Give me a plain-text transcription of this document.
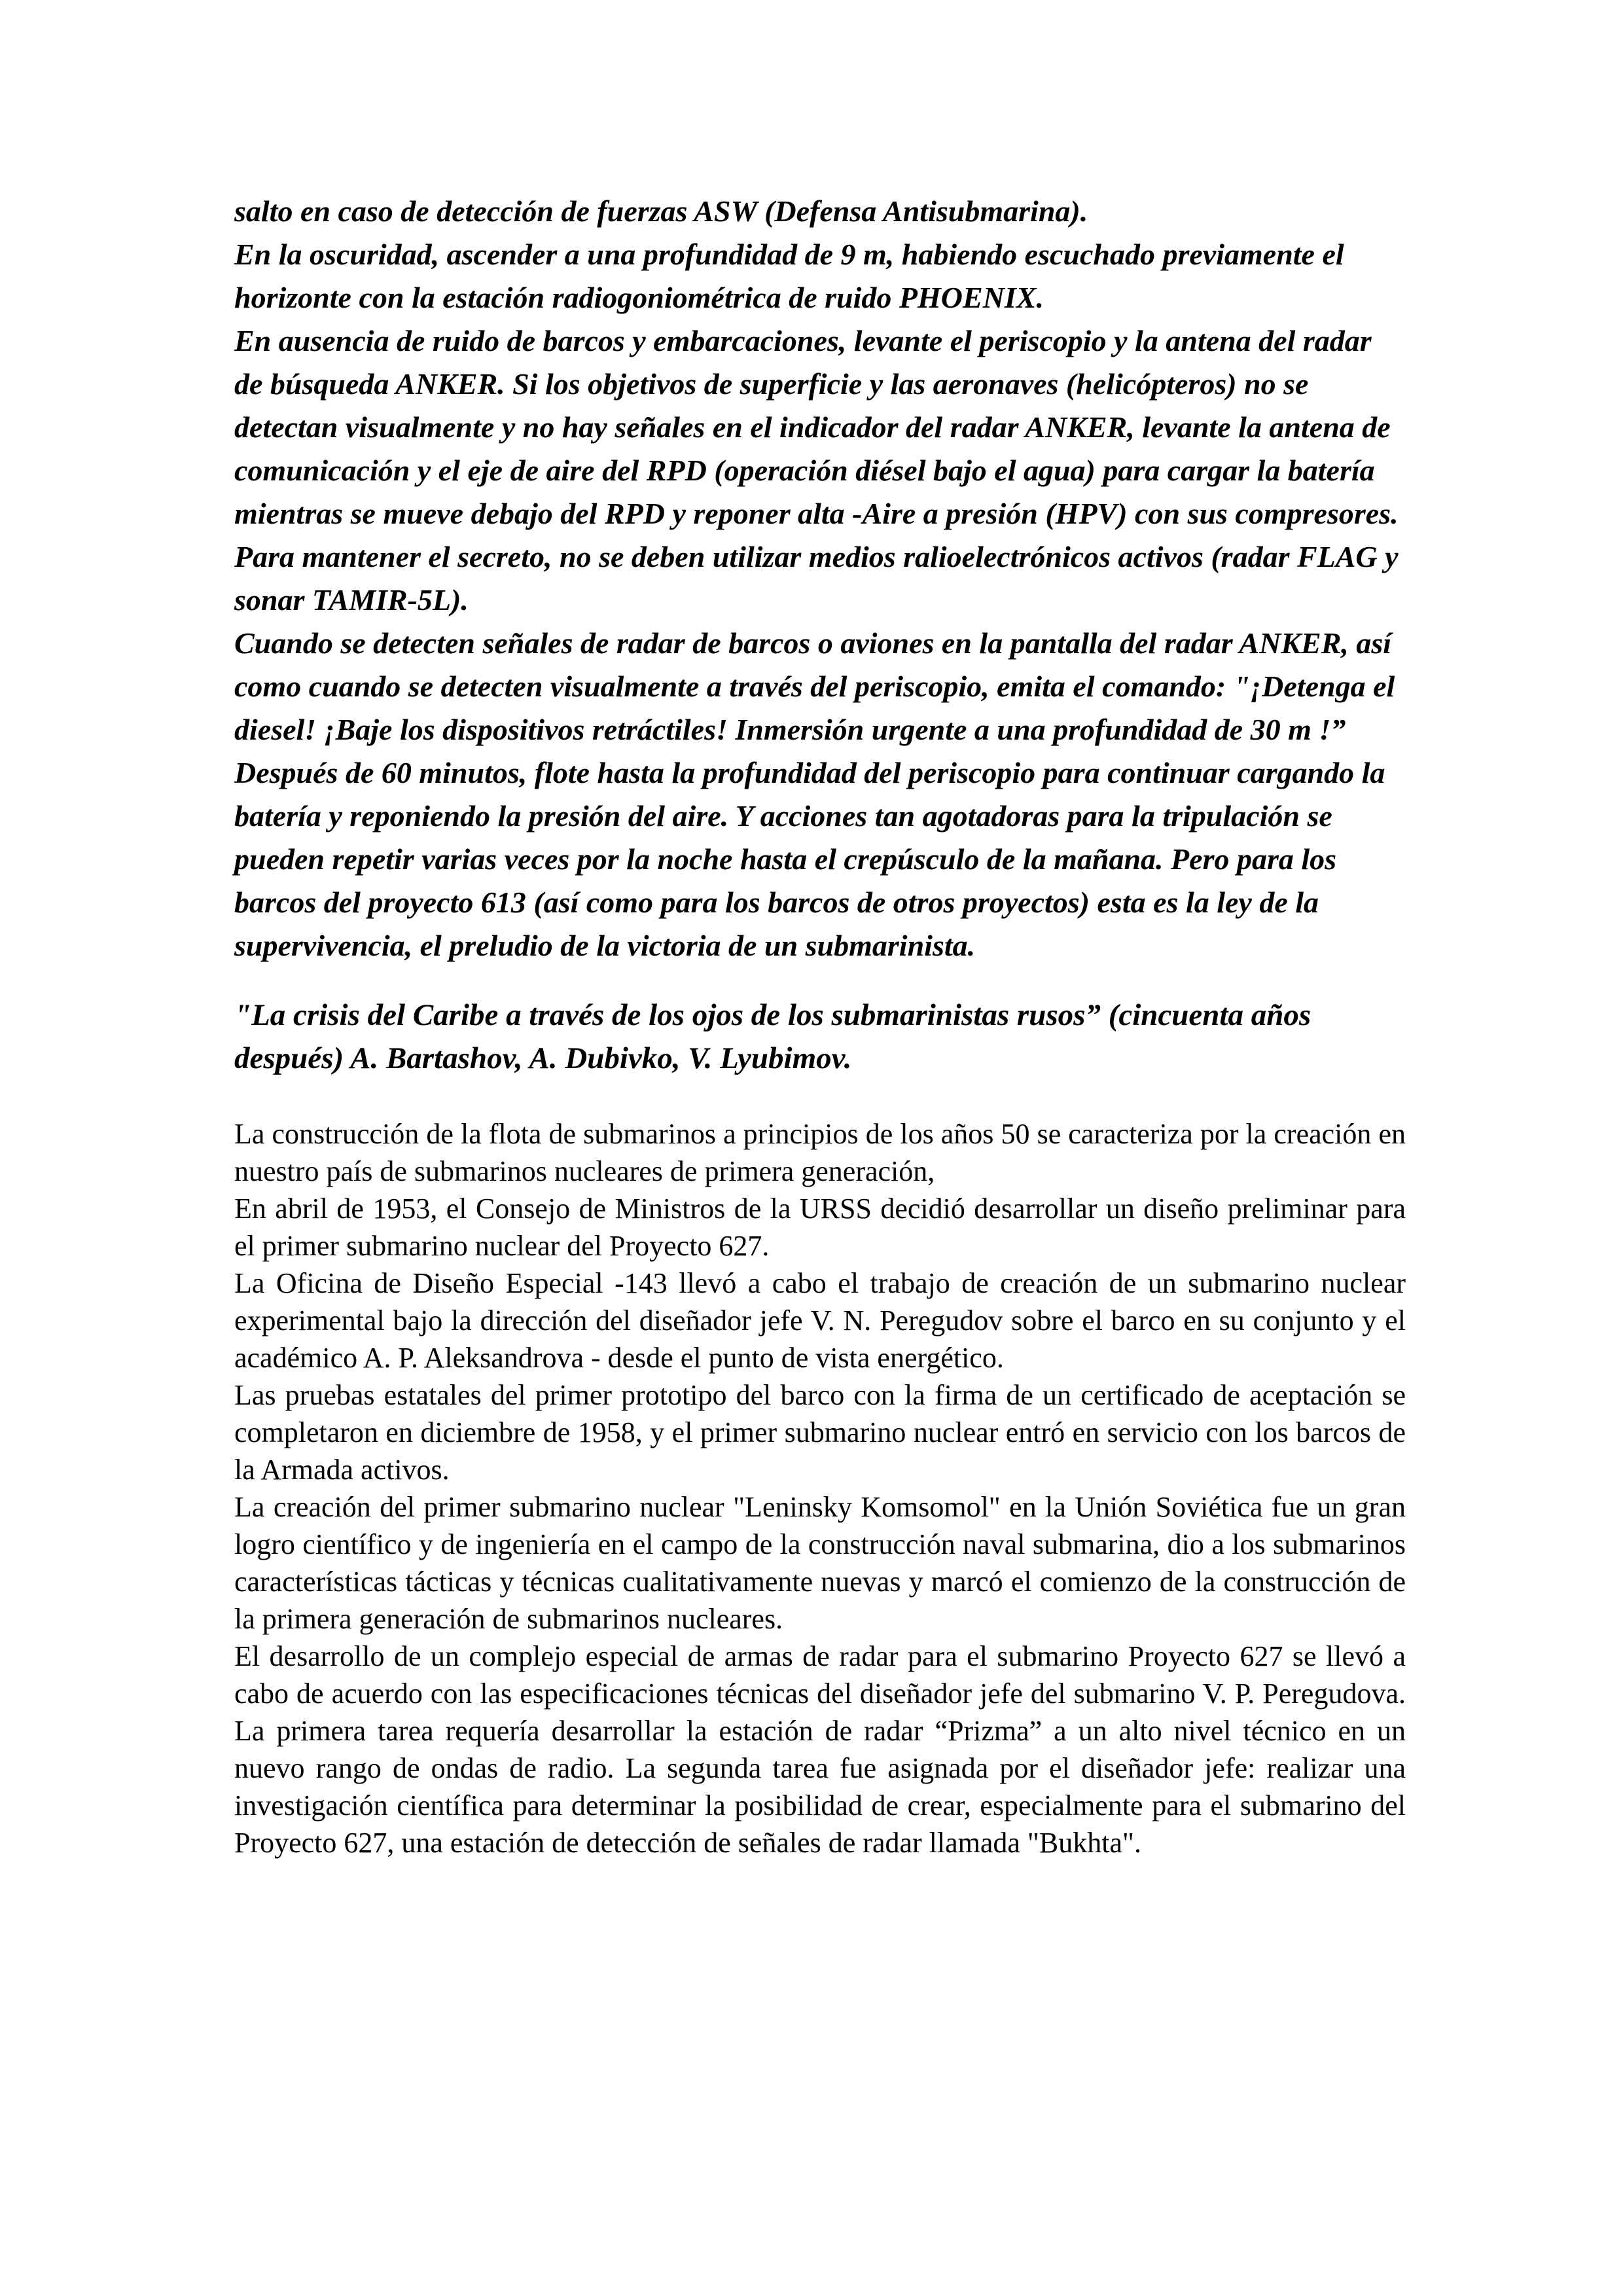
salto en caso de detección de fuerzas ASW (Defensa Antisubmarina).

En la oscuridad, ascender a una profundidad de 9 m, habiendo escuchado previamente el horizonte con la estación radiogoniométrica de ruido PHOENIX.

En ausencia de ruido de barcos y embarcaciones, levante el periscopio y la antena del radar de búsqueda ANKER. Si los objetivos de superficie y las aeronaves (helicópteros) no se detectan visualmente y no hay señales en el indicador del radar ANKER, levante la antena de comunicación y el eje de aire del RPD (operación diésel bajo el agua) para cargar la batería mientras se mueve debajo del RPD y reponer alta -Aire a presión (HPV) con sus compresores. Para mantener el secreto, no se deben utilizar medios ralioelectrónicos activos (radar FLAG y sonar TAMIR-5L).

Cuando se detecten señales de radar de barcos o aviones en la pantalla del radar ANKER, así como cuando se detecten visualmente a través del periscopio, emita el comando: "¡Detenga el diesel! ¡Baje los dispositivos retráctiles! Inmersión urgente a una profundidad de 30 m !”

Después de 60 minutos, flote hasta la profundidad del periscopio para continuar cargando la batería y reponiendo la presión del aire. Y acciones tan agotadoras para la tripulación se pueden repetir varias veces por la noche hasta el crepúsculo de la mañana. Pero para los barcos del proyecto 613 (así como para los barcos de otros proyectos) esta es la ley de la supervivencia, el preludio de la victoria de un submarinista.

"La crisis del Caribe a través de los ojos de los submarinistas rusos” (cincuenta años después) A. Bartashov, A. Dubivko, V. Lyubimov.

La construcción de la flota de submarinos a principios de los años 50 se caracteriza por la creación en nuestro país de submarinos nucleares de primera generación,

En abril de 1953, el Consejo de Ministros de la URSS decidió desarrollar un diseño preliminar para el primer submarino nuclear del Proyecto 627.

La Oficina de Diseño Especial -143 llevó a cabo el trabajo de creación de un submarino nuclear experimental bajo la dirección del diseñador jefe V. N. Peregudov sobre el barco en su conjunto y el académico A. P. Aleksandrova - desde el punto de vista energético.

Las pruebas estatales del primer prototipo del barco con la firma de un certificado de aceptación se completaron en diciembre de 1958, y el primer submarino nuclear entró en servicio con los barcos de la Armada activos.

La creación del primer submarino nuclear "Leninsky Komsomol" en la Unión Soviética fue un gran logro científico y de ingeniería en el campo de la construcción naval submarina, dio a los submarinos características tácticas y técnicas cualitativamente nuevas y marcó el comienzo de la construcción de la primera generación de submarinos nucleares.

El desarrollo de un complejo especial de armas de radar para el submarino Proyecto 627 se llevó a cabo de acuerdo con las especificaciones técnicas del diseñador jefe del submarino V. P. Peregudova. La primera tarea requería desarrollar la estación de radar “Prizma” a un alto nivel técnico en un nuevo rango de ondas de radio. La segunda tarea fue asignada por el diseñador jefe: realizar una investigación científica para determinar la posibilidad de crear, especialmente para el submarino del Proyecto 627, una estación de detección de señales de radar llamada "Bukhta".
